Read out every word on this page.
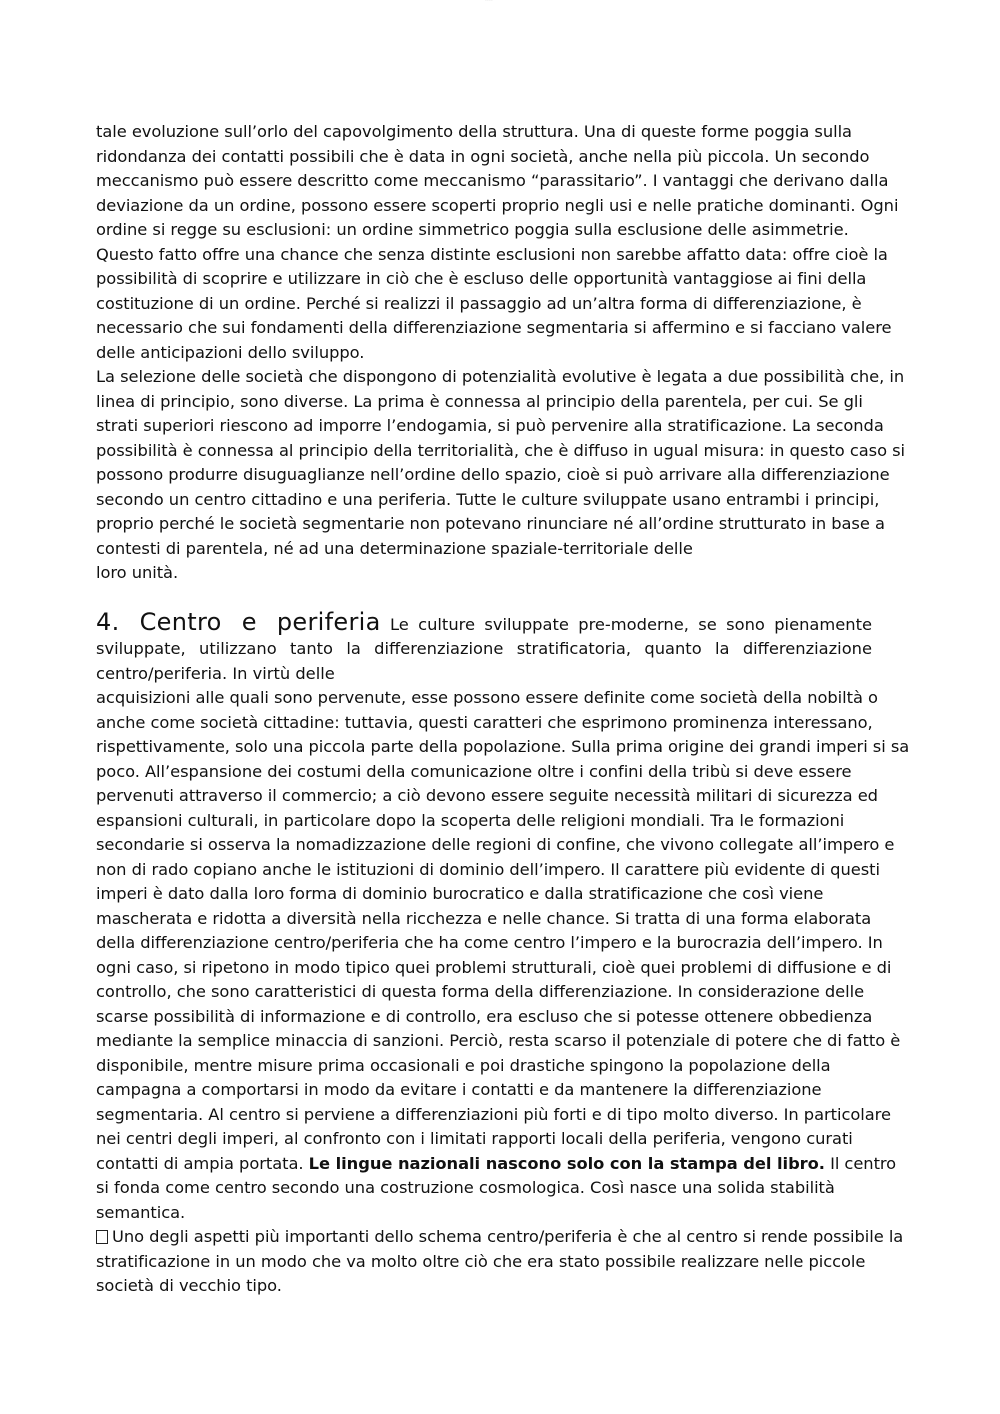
............

tale evoluzione sull’orlo del capovolgimento della struttura. Una di queste forme poggia sulla ridondanza dei contatti possibili che è data in ogni società, anche nella più piccola. Un secondo meccanismo può essere descritto come meccanismo “parassitario”. I vantaggi che derivano dalla deviazione da un ordine, possono essere scoperti proprio negli usi e nelle pratiche dominanti. Ogni ordine si regge su esclusioni: un ordine simmetrico poggia sulla esclusione delle asimmetrie. Questo fatto offre una chance che senza distinte esclusioni non sarebbe affatto data: offre cioè la possibilità di scoprire e utilizzare in ciò che è escluso delle opportunità vantaggiose ai fini della costituzione di un ordine. Perché si realizzi il passaggio ad un’altra forma di differenziazione, è necessario che sui fondamenti della differenziazione segmentaria si affermino e si facciano valere delle anticipazioni dello sviluppo.

La selezione delle società che dispongono di potenzialità evolutive è legata a due possibilità che, in linea di principio, sono diverse. La prima è connessa al principio della parentela, per cui. Se gli strati superiori riescono ad imporre l’endogamia, si può pervenire alla stratificazione. La seconda possibilità è connessa al principio della territorialità, che è diffuso in ugual misura: in questo caso si possono produrre disuguaglianze nell’ordine dello spazio, cioè si può arrivare alla differenziazione secondo un centro cittadino e una periferia. Tutte le culture sviluppate usano entrambi i principi, proprio perché le società segmentarie non potevano rinunciare né all’ordine strutturato in base a contesti di parentela, né ad una determinazione spaziale-territoriale delle
loro unità.

4. Centro e periferia Le culture sviluppate pre-moderne, se sono pienamente sviluppate, utilizzano tanto la differenziazione stratificatoria, quanto la differenziazione centro/periferia. In virtù delle

acquisizioni alle quali sono pervenute, esse possono essere definite come società della nobiltà o anche come società cittadine: tuttavia, questi caratteri che esprimono prominenza interessano, rispettivamente, solo una piccola parte della popolazione. Sulla prima origine dei grandi imperi si sa poco. All’espansione dei costumi della comunicazione oltre i confini della tribù si deve essere pervenuti attraverso il commercio; a ciò devono essere seguite necessità militari di sicurezza ed espansioni culturali, in particolare dopo la scoperta delle religioni mondiali. Tra le formazioni secondarie si osserva la nomadizzazione delle regioni di confine, che vivono collegate all’impero e non di rado copiano anche le istituzioni di dominio dell’impero. Il carattere più evidente di questi imperi è dato dalla loro forma di dominio burocratico e dalla stratificazione che così viene mascherata e ridotta a diversità nella ricchezza e nelle chance. Si tratta di una forma elaborata della differenziazione centro/periferia che ha come centro l’impero e la burocrazia dell’impero. In ogni caso, si ripetono in modo tipico quei problemi strutturali, cioè quei problemi di diffusione e di controllo, che sono caratteristici di questa forma della differenziazione. In considerazione delle scarse possibilità di informazione e di controllo, era escluso che si potesse ottenere obbedienza mediante la semplice minaccia di sanzioni. Perciò, resta scarso il potenziale di potere che di fatto è disponibile, mentre misure prima occasionali e poi drastiche spingono la popolazione della campagna a comportarsi in modo da evitare i contatti e da mantenere la differenziazione segmentaria. Al centro si perviene a differenziazioni più forti e di tipo molto diverso. In particolare nei centri degli imperi, al confronto con i limitati rapporti locali della periferia, vengono curati contatti di ampia portata. Le lingue nazionali nascono solo con la stampa del libro. Il centro si fonda come centro secondo una costruzione cosmologica. Così nasce una solida stabilità semantica.

Uno degli aspetti più importanti dello schema centro/periferia è che al centro si rende possibile la stratificazione in un modo che va molto oltre ciò che era stato possibile realizzare nelle piccole società di vecchio tipo.
